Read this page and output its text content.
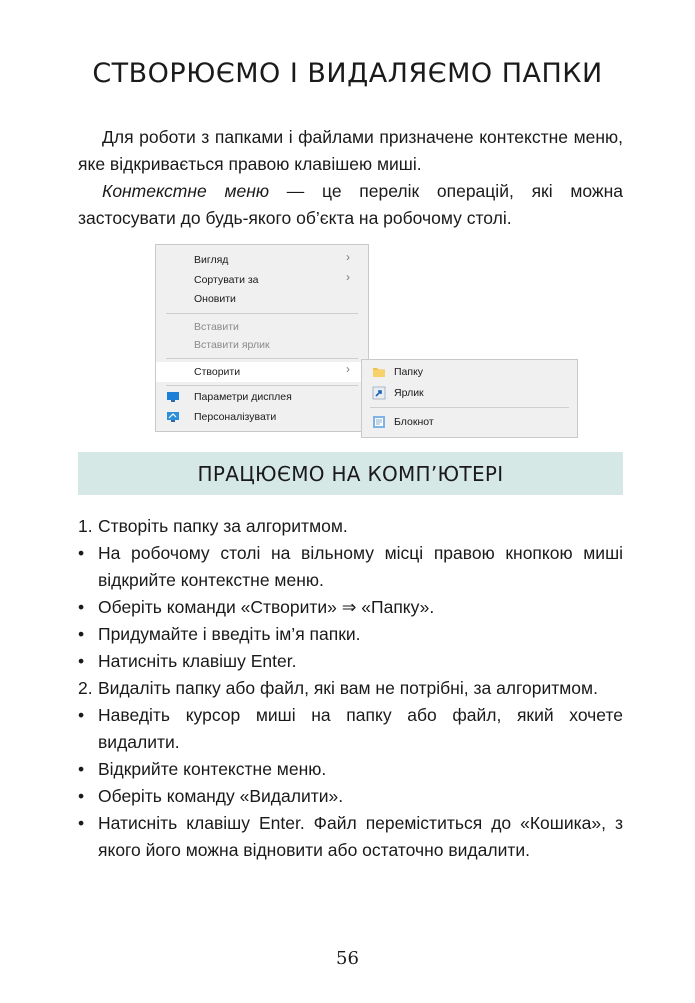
СТВОРЮЄМО І ВИДАЛЯЄМО ПАПКИ

Для роботи з папками і файлами призначене контекстне меню, яке відкривається правою клавішею миші.

Контекстне меню — це перелік операцій, які можна застосувати до будь-якого об’єкта на робочому столі.

Вигляд	›
Сортувати за	›
Оновити
Вставити
Вставити ярлик
Створити	›
Параметри дисплея
Персоналізувати
Папку
Ярлик
Блокнот
ПРАЦЮЄМО НА КОМП’ЮТЕРІ
1. Створіть папку за алгоритмом.
• На робочому столі на вільному місці правою кнопкою миші відкрийте контекстне меню.
• Оберіть команди «Створити» ⇒ «Папку».
• Придумайте і введіть ім’я папки.
• Натисніть клавішу Enter.
2. Видаліть папку або файл, які вам не потрібні, за алгоритмом.
• Наведіть курсор миші на папку або файл, який хочете видалити.
• Відкрийте контекстне меню.
• Оберіть команду «Видалити».
• Натисніть клавішу Enter. Файл переміститься до «Кошика», з якого його можна відновити або остаточно видалити.
56
